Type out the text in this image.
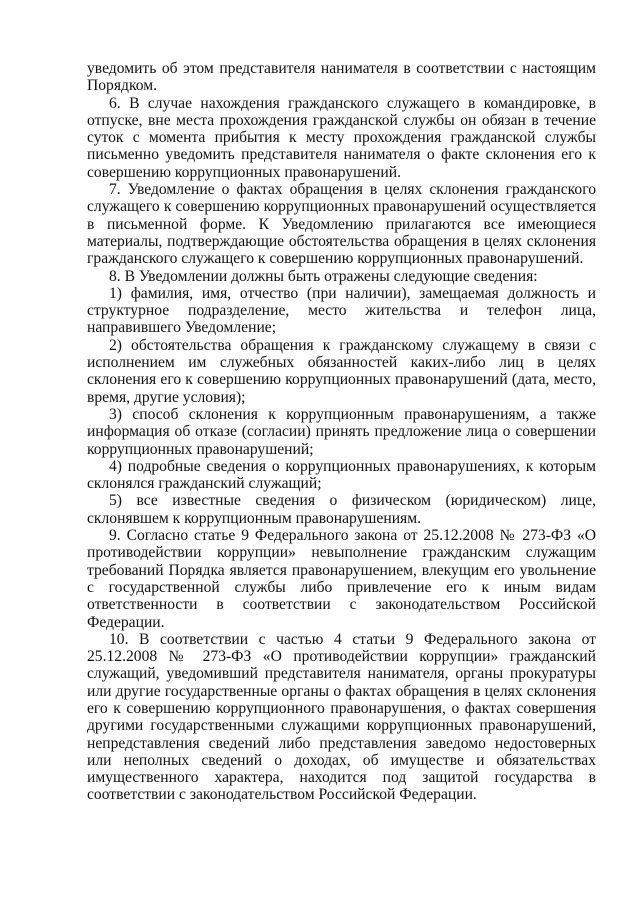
уведомить об этом представителя нанимателя в соответствии с настоящим Порядком.

6. В случае нахождения гражданского служащего в командировке, в отпуске, вне места прохождения гражданской службы он обязан в течение суток с момента прибытия к месту прохождения гражданской службы письменно уведомить представителя нанимателя о факте склонения его к совершению коррупционных правонарушений.

7. Уведомление о фактах обращения в целях склонения гражданского служащего к совершению коррупционных правонарушений осуществляется в письменной форме. К Уведомлению прилагаются все имеющиеся материалы, подтверждающие обстоятельства обращения в целях склонения гражданского служащего к совершению коррупционных правонарушений.

8. В Уведомлении должны быть отражены следующие сведения:

1) фамилия, имя, отчество (при наличии), замещаемая должность и структурное подразделение, место жительства и телефон лица, направившего Уведомление;

2) обстоятельства обращения к гражданскому служащему в связи с исполнением им служебных обязанностей каких-либо лиц в целях склонения его к совершению коррупционных правонарушений (дата, место, время, другие условия);

3) способ склонения к коррупционным правонарушениям, а также информация об отказе (согласии) принять предложение лица о совершении коррупционных правонарушений;

4) подробные сведения о коррупционных правонарушениях, к которым склонялся гражданский служащий;

5) все известные сведения о физическом (юридическом) лице, склонявшем к коррупционным правонарушениям.

9. Согласно статье 9 Федерального закона от 25.12.2008 № 273-ФЗ «О противодействии коррупции» невыполнение гражданским служащим требований Порядка является правонарушением, влекущим его увольнение с государственной службы либо привлечение его к иным видам ответственности в соответствии с законодательством Российской Федерации.

10. В соответствии с частью 4 статьи 9 Федерального закона от 25.12.2008 № 273-ФЗ «О противодействии коррупции» гражданский служащий, уведомивший представителя нанимателя, органы прокуратуры или другие государственные органы о фактах обращения в целях склонения его к совершению коррупционного правонарушения, о фактах совершения другими государственными служащими коррупционных правонарушений, непредставления сведений либо представления заведомо недостоверных или неполных сведений о доходах, об имуществе и обязательствах имущественного характера, находится под защитой государства в соответствии с законодательством Российской Федерации.
